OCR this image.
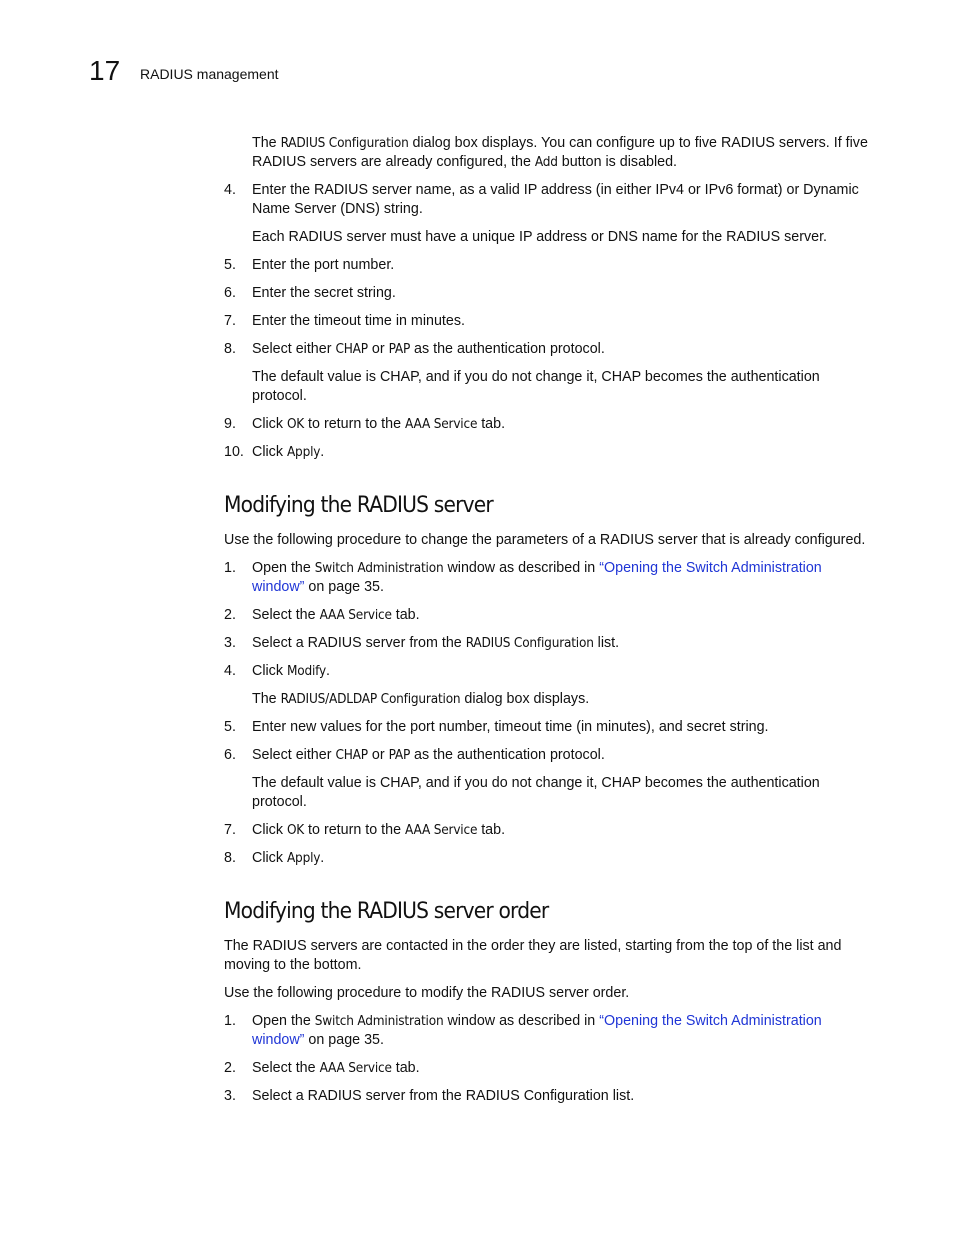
17 RADIUS management

The RADIUS Configuration dialog box displays. You can configure up to five RADIUS servers. If five RADIUS servers are already configured, the Add button is disabled.

4.	Enter the RADIUS server name, as a valid IP address (in either IPv4 or IPv6 format) or Dynamic Name Server (DNS) string.

Each RADIUS server must have a unique IP address or DNS name for the RADIUS server.

5.	Enter the port number.
6.	Enter the secret string.
7.	Enter the timeout time in minutes.
8.	Select either CHAP or PAP as the authentication protocol.

The default value is CHAP, and if you do not change it, CHAP becomes the authentication protocol.

9.	Click OK to return to the AAA Service tab.
10. Click Apply.
Modifying the RADIUS server

Use the following procedure to change the parameters of a RADIUS server that is already configured.

1.	Open the Switch Administration window as described in “Opening the Switch Administration window” on page 35.
2.	Select the AAA Service tab.
3.	Select a RADIUS server from the RADIUS Configuration list.
4.	Click Modify.

The RADIUS/ADLDAP Configuration dialog box displays.

5.	Enter new values for the port number, timeout time (in minutes), and secret string.
6.	Select either CHAP or PAP as the authentication protocol.

The default value is CHAP, and if you do not change it, CHAP becomes the authentication protocol.

7.	Click OK to return to the AAA Service tab.
8.	Click Apply.
Modifying the RADIUS server order

The RADIUS servers are contacted in the order they are listed, starting from the top of the list and moving to the bottom.

Use the following procedure to modify the RADIUS server order.

1.	Open the Switch Administration window as described in “Opening the Switch Administration window” on page 35.
2.	Select the AAA Service tab.
3.	Select a RADIUS server from the RADIUS Configuration list.
